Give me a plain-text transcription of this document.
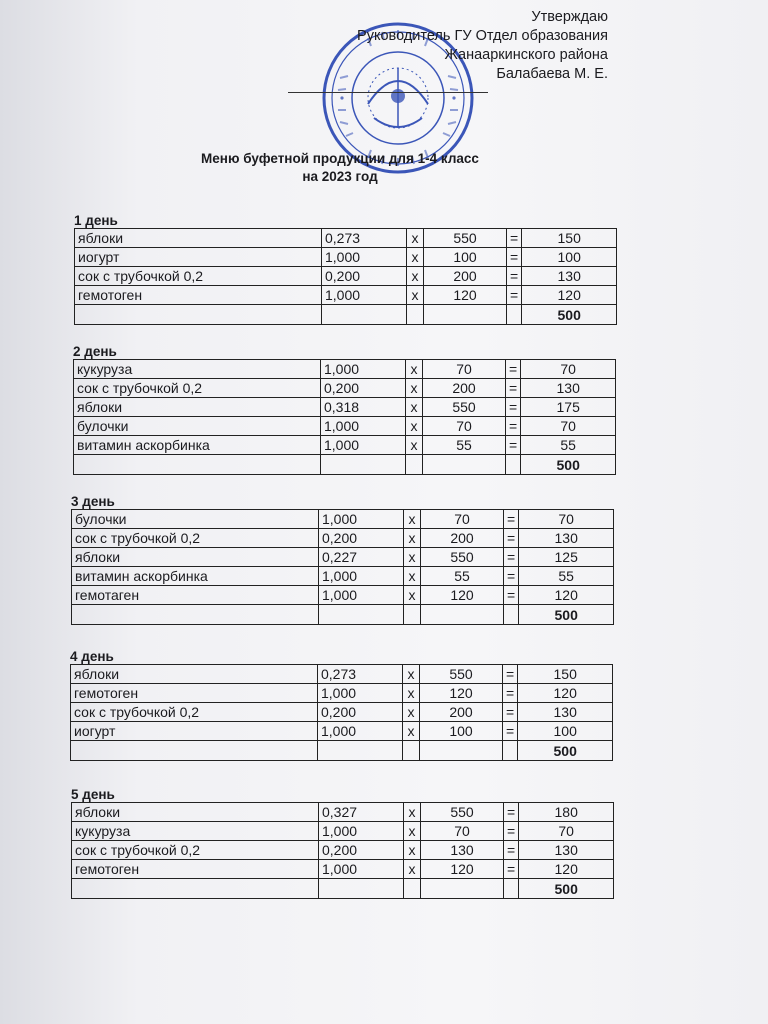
Утверждаю
Руководитель ГУ Отдел образования
Жанааркинского района
Балабаева М. Е.
Меню буфетной продукции для 1-4 класс
на 2023 год
1 день
яблоки	0,273	х	550	=	150
иогурт	1,000	х	100	=	100
сок с трубочкой 0,2	0,200	х	200	=	130
гемотоген	1,000	х	120	=	120
					500
2 день
кукуруза	1,000	х	70	=	70
сок с трубочкой 0,2	0,200	х	200	=	130
яблоки	0,318	х	550	=	175
булочки	1,000	х	70	=	70
витамин аскорбинка	1,000	х	55	=	55
					500
3 день
булочки	1,000	х	70	=	70
сок с трубочкой 0,2	0,200	х	200	=	130
яблоки	0,227	х	550	=	125
витамин аскорбинка	1,000	х	55	=	55
гемотаген	1,000	х	120	=	120
					500
4 день
яблоки	0,273	х	550	=	150
гемотоген	1,000	х	120	=	120
сок с трубочкой 0,2	0,200	х	200	=	130
иогурт	1,000	х	100	=	100
					500
5 день
яблоки	0,327	х	550	=	180
кукуруза	1,000	х	70	=	70
сок с трубочкой 0,2	0,200	х	130	=	130
гемотоген	1,000	х	120	=	120
					500
